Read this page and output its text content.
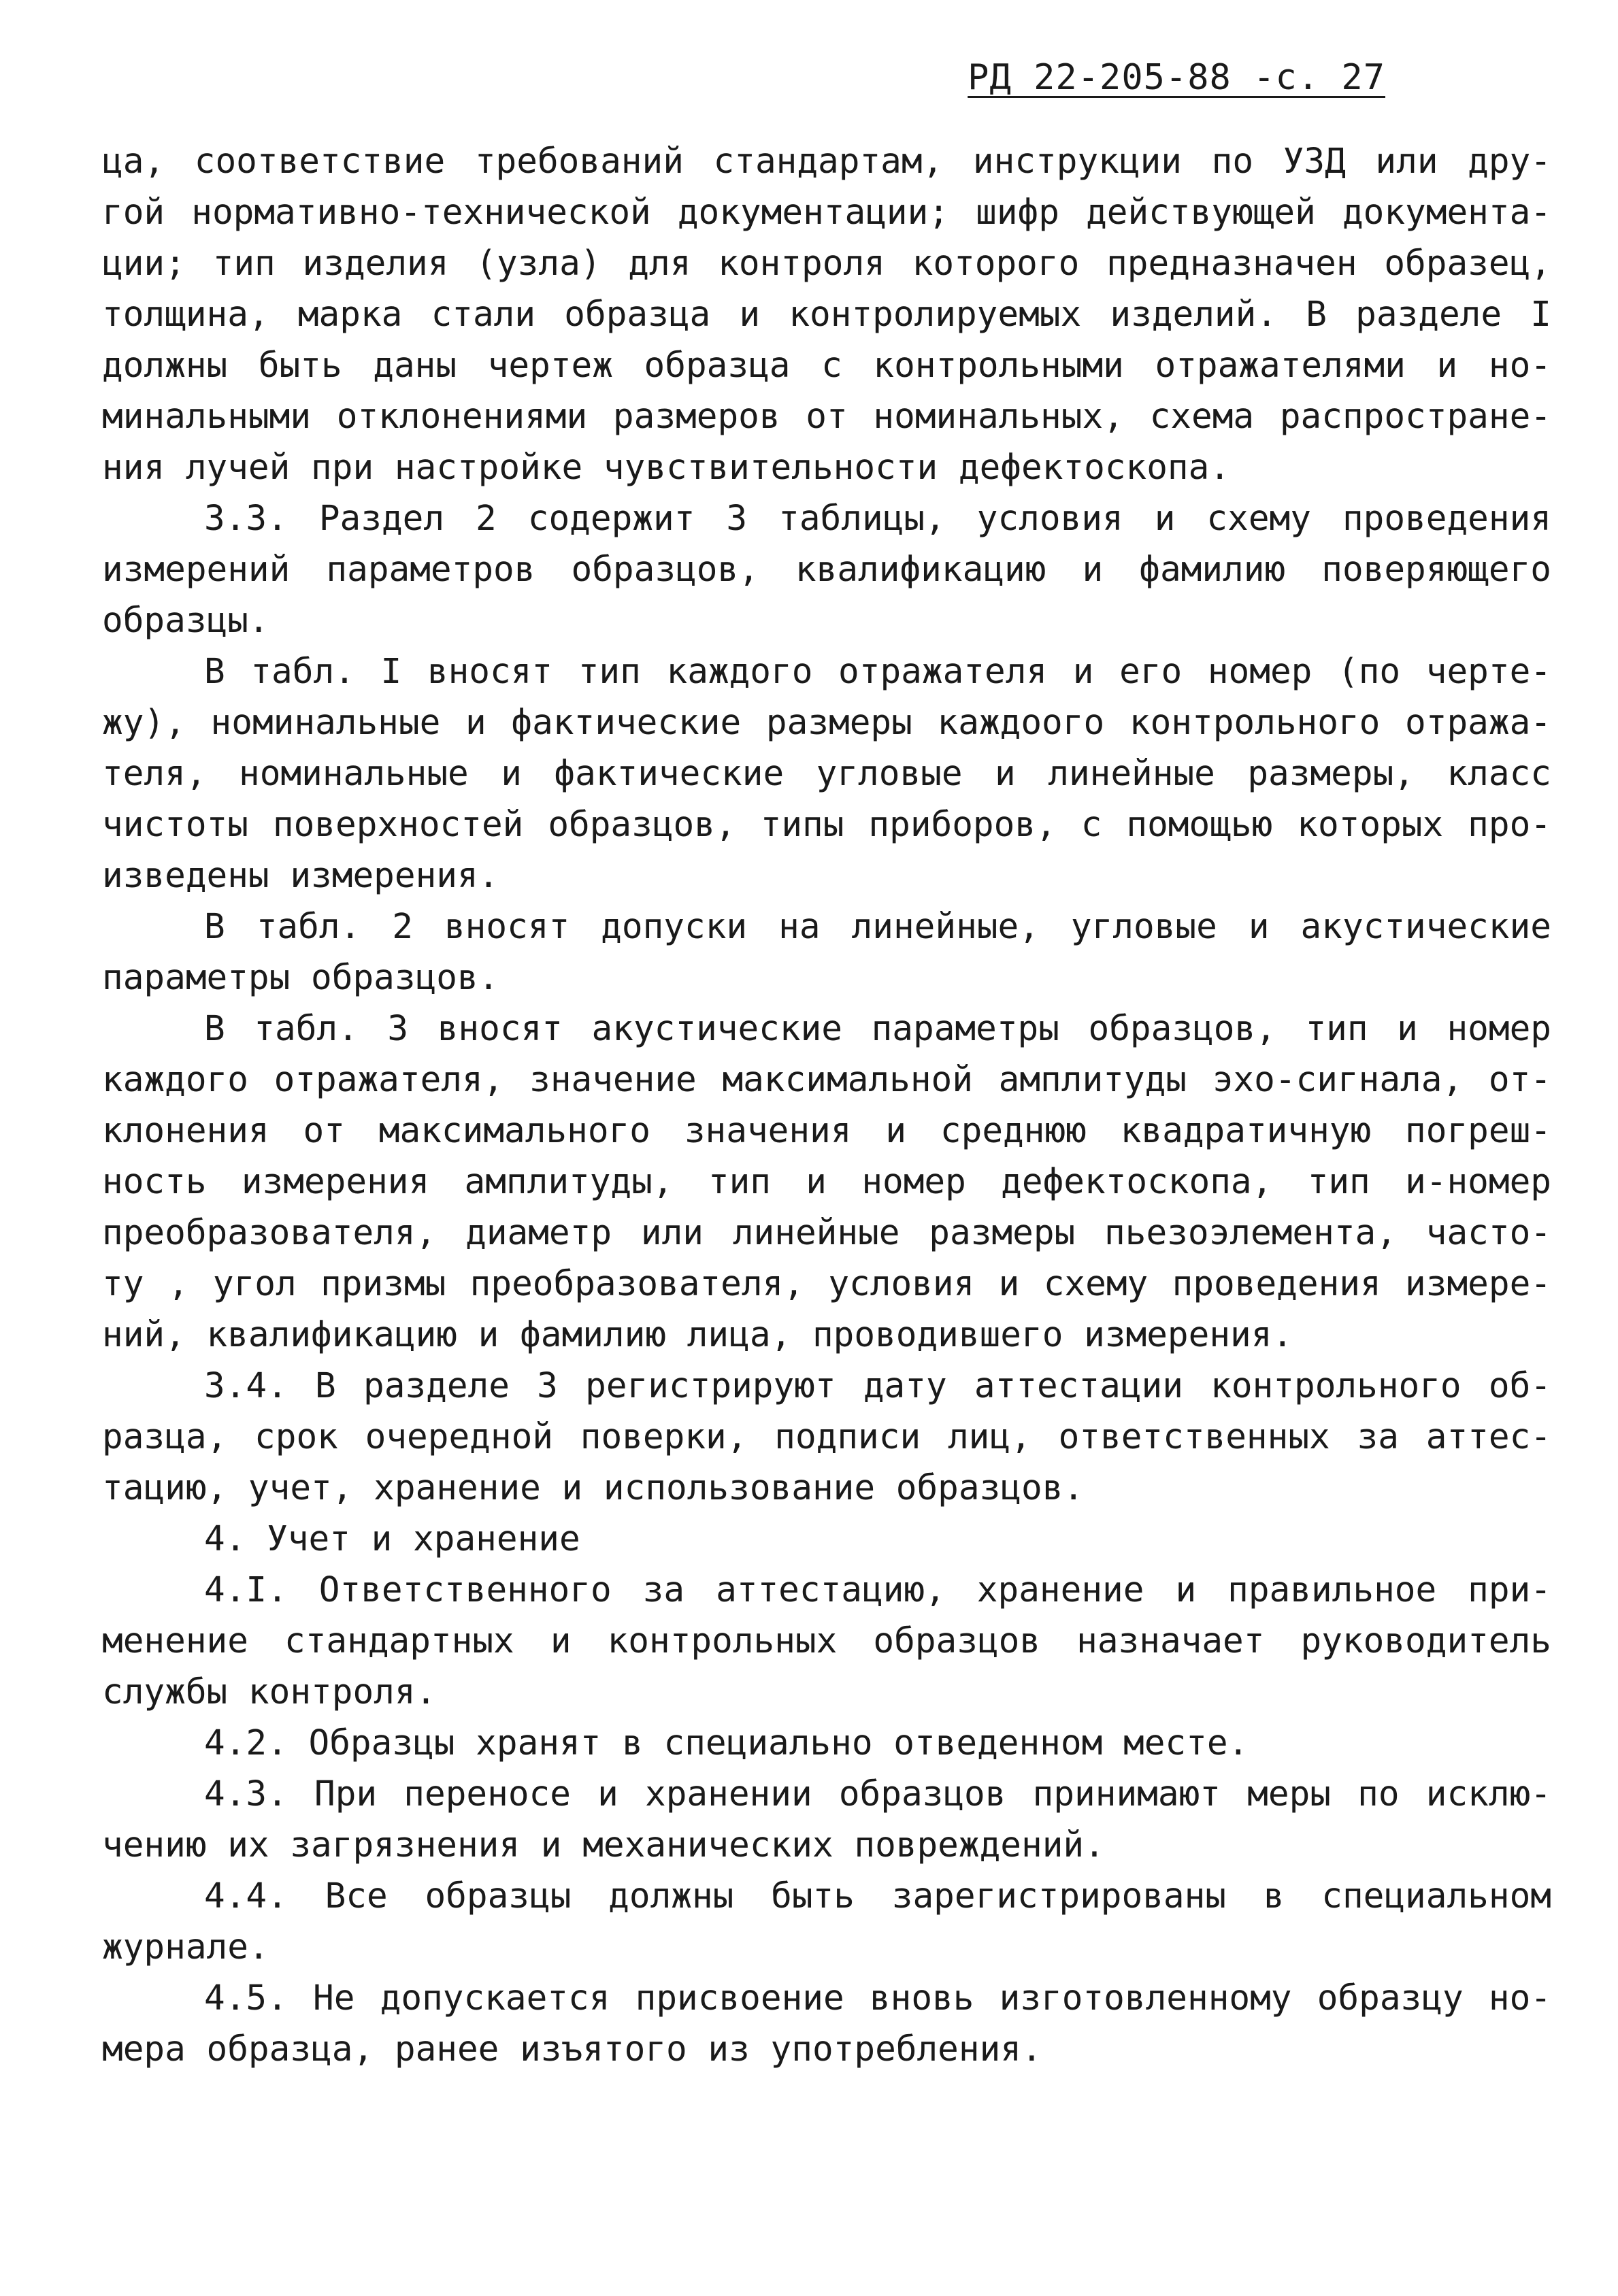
РД 22-205-88 -с. 27
ца, соответствие требований стандартам, инструкции по УЗД или дру-
гой нормативно-технической документации; шифр действующей документа-
ции; тип изделия (узла) для контроля которого предназначен образец,
толщина, марка стали образца и контролируемых изделий. В разделе I
должны быть даны чертеж образца с контрольными отражателями и но-
минальными отклонениями размеров от номинальных, схема распростране-
ния лучей при настройке чувствительности дефектоскопа.
3.3. Раздел 2 содержит 3 таблицы, условия и схему проведения
измерений параметров образцов, квалификацию и фамилию поверяющего
образцы.
В табл. I вносят тип каждого отражателя и его номер (по черте-
жу), номинальные и фактические размеры каждоого контрольного отража-
теля, номинальные и фактические угловые и линейные размеры, класс
чистоты поверхностей образцов, типы приборов, с помощью которых про-
изведены измерения.
В табл. 2 вносят допуски на линейные, угловые и акустические
параметры образцов.
В табл. 3 вносят акустические параметры образцов, тип и номер
каждого отражателя, значение максимальной амплитуды эхо-сигнала, от-
клонения от максимального значения и среднюю квадратичную погреш-
ность измерения амплитуды, тип и номер дефектоскопа, тип и-номер
преобразователя, диаметр или линейные размеры пьезоэлемента, часто-
ту , угол призмы преобразователя, условия и схему проведения измере-
ний, квалификацию и фамилию лица, проводившего измерения.
3.4. В разделе 3 регистрируют дату аттестации контрольного об-
разца, срок очередной поверки, подписи лиц, ответственных за аттес-
тацию, учет, хранение и использование образцов.
4. Учет и хранение
4.I. Ответственного за аттестацию, хранение и правильное при-
менение стандартных и контрольных образцов назначает руководитель
службы контроля.
4.2. Образцы хранят в специально отведенном месте.
4.3. При переносе и хранении образцов принимают меры по исклю-
чению их загрязнения и механических повреждений.
4.4. Все образцы должны быть зарегистрированы в специальном
журнале.
4.5. Не допускается присвоение вновь изготовленному образцу но-
мера образца, ранее изъятого из употребления.
